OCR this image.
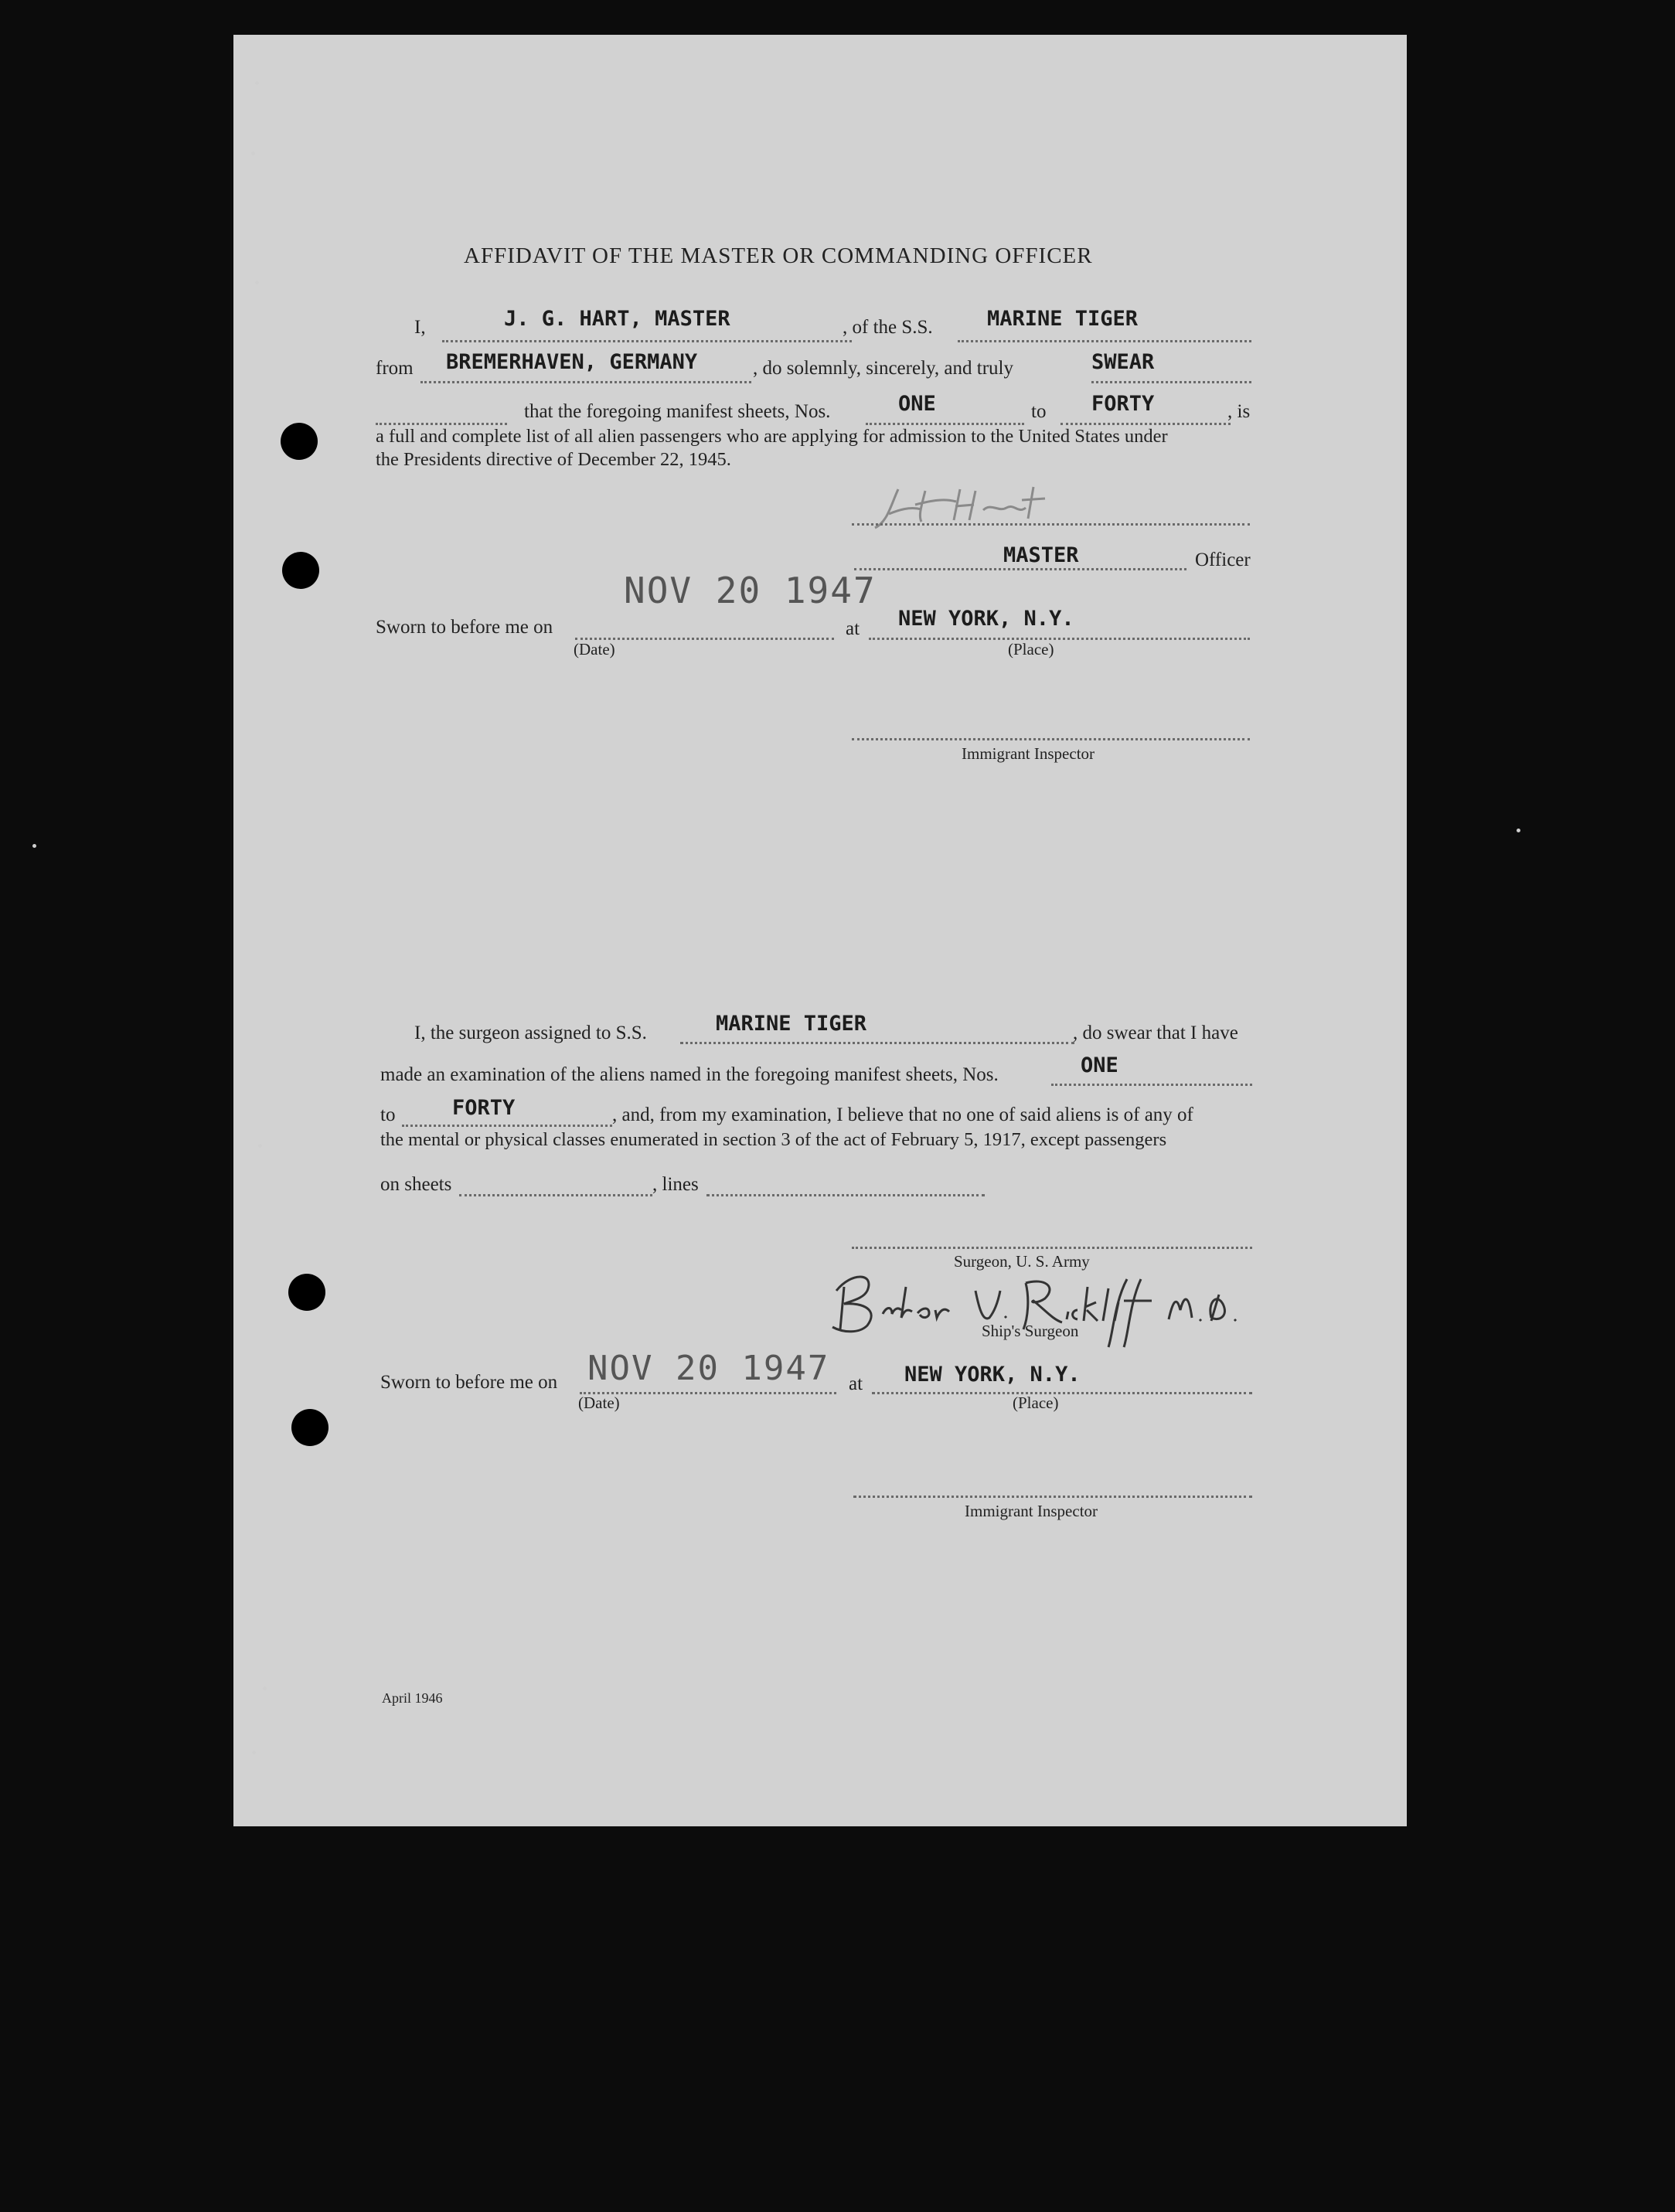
AFFIDAVIT OF THE MASTER OR COMMANDING OFFICER
I,	J. G. HART, MASTER	, of the S.S.	MARINE TIGER
from BREMERHAVEN, GERMANY	, do solemnly, sincerely, and truly	SWEAR
that the foregoing manifest sheets, Nos.	ONE	to FORTY	, is
a full and complete list of all alien passengers who are applying for admission to the United States under
the Presidents directive of December 22, 1945.
MASTER	Officer
NOV 20 1947
Sworn to before me on
(Date)
at NEW YORK, N.Y.
(Place)
Immigrant Inspector
I, the surgeon assigned to S.S.	MARINE TIGER	, do swear that I have
made an examination of the aliens named in the foregoing manifest sheets, Nos.	ONE
to	FORTY	, and, from my examination, I believe that no one of said aliens is of any of
the mental or physical classes enumerated in section 3 of the act of February 5, 1917, except passengers
on sheets	, lines
Surgeon, U. S. Army
Ship's Surgeon
NOV 20 1947
Sworn to before me on
(Date)
at NEW YORK, N.Y.
(Place)
Immigrant Inspector
April 1946
